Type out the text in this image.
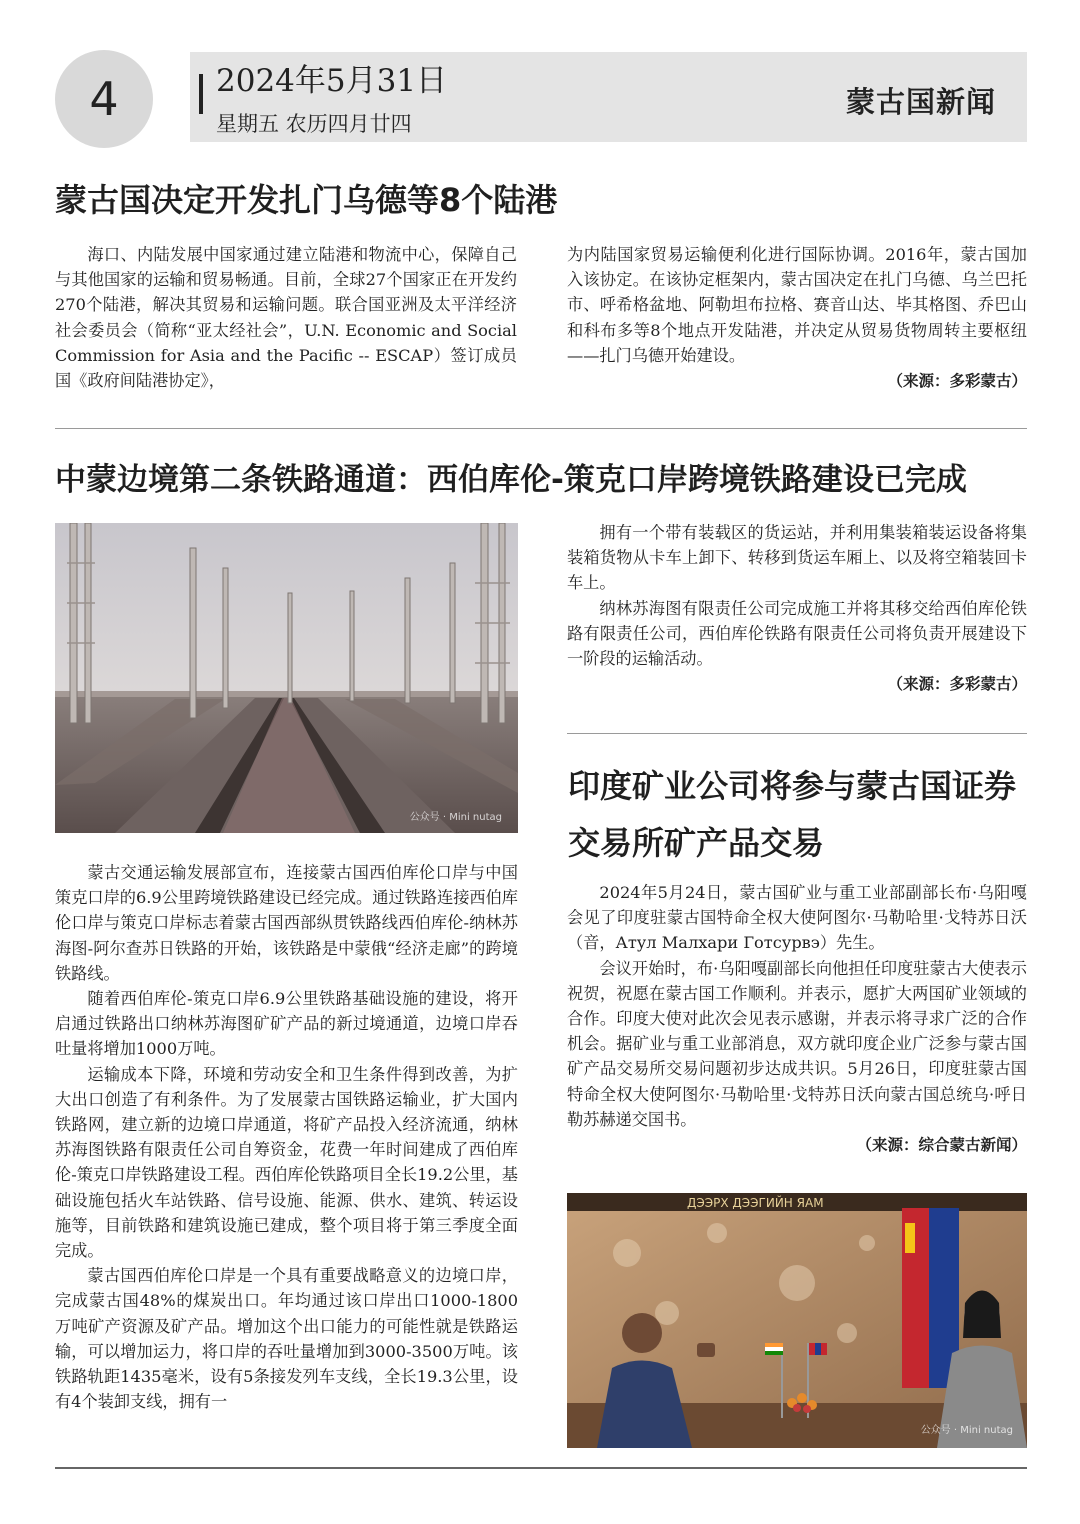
4	2024年5月31日
星期五 农历四月廿四
蒙古国新闻
蒙古国决定开发扎门乌德等8个陆港

海口、内陆发展中国家通过建立陆港和物流中心，保障自己与其他国家的运输和贸易畅通。目前，全球27个国家正在开发约270个陆港，解决其贸易和运输问题。联合国亚洲及太平洋经济社会委员会（简称“亚太经社会”，U.N. Economic and Social Commission for Asia and the Pacific -- ESCAP）签订成员国《政府间陆港协定》，

为内陆国家贸易运输便利化进行国际协调。2016年，蒙古国加入该协定。在该协定框架内，蒙古国决定在扎门乌德、乌兰巴托市、呼希格盆地、阿勒坦布拉格、赛音山达、毕其格图、乔巴山和科布多等8个地点开发陆港，并决定从贸易货物周转主要枢纽——扎门乌德开始建设。

（来源：多彩蒙古）
中蒙边境第二条铁路通道：西伯库伦-策克口岸跨境铁路建设已完成
公众号 · Mini nutag

拥有一个带有装载区的货运站，并利用集装箱装运设备将集装箱货物从卡车上卸下、转移到货运车厢上、以及将空箱装回卡车上。

纳林苏海图有限责任公司完成施工并将其移交给西伯库伦铁路有限责任公司，西伯库伦铁路有限责任公司将负责开展建设下一阶段的运输活动。

（来源：多彩蒙古）

蒙古交通运输发展部宣布，连接蒙古国西伯库伦口岸与中国策克口岸的6.9公里跨境铁路建设已经完成。通过铁路连接西伯库伦口岸与策克口岸标志着蒙古国西部纵贯铁路线西伯库伦-纳林苏海图-阿尔查苏日铁路的开始，该铁路是中蒙俄“经济走廊”的跨境铁路线。

随着西伯库伦-策克口岸6.9公里铁路基础设施的建设，将开启通过铁路出口纳林苏海图矿矿产品的新过境通道，边境口岸吞吐量将增加1000万吨。

运输成本下降，环境和劳动安全和卫生条件得到改善，为扩大出口创造了有利条件。为了发展蒙古国铁路运输业，扩大国内铁路网，建立新的边境口岸通道，将矿产品投入经济流通，纳林苏海图铁路有限责任公司自筹资金，花费一年时间建成了西伯库伦-策克口岸铁路建设工程。西伯库伦铁路项目全长19.2公里，基础设施包括火车站铁路、信号设施、能源、供水、建筑、转运设施等，目前铁路和建筑设施已建成，整个项目将于第三季度全面完成。

蒙古国西伯库伦口岸是一个具有重要战略意义的边境口岸，完成蒙古国48%的煤炭出口。年均通过该口岸出口1000-1800万吨矿产资源及矿产品。增加这个出口能力的可能性就是铁路运输，可以增加运力，将口岸的吞吐量增加到3000-3500万吨。该铁路轨距1435毫米，设有5条接发列车支线，全长19.3公里，设有4个装卸支线，拥有一

印度矿业公司将参与蒙古国证券交易所矿产品交易

2024年5月24日，蒙古国矿业与重工业部副部长布·乌阳嘎会见了印度驻蒙古国特命全权大使阿图尔·马勒哈里·戈特苏日沃（音，Атул Малхари Готсурвэ）先生。

会议开始时，布·乌阳嘎副部长向他担任印度驻蒙古大使表示祝贺，祝愿在蒙古国工作顺利。并表示，愿扩大两国矿业领域的合作。印度大使对此次会见表示感谢，并表示将寻求广泛的合作机会。据矿业与重工业部消息，双方就印度企业广泛参与蒙古国矿产品交易所交易问题初步达成共识。5月26日，印度驻蒙古国特命全权大使阿图尔·马勒哈里·戈特苏日沃向蒙古国总统乌·呼日勒苏赫递交国书。

（来源：综合蒙古新闻）
ДЭЭРХ ДЭЭГИЙН ЯАМ
公众号 · Mini nutag
